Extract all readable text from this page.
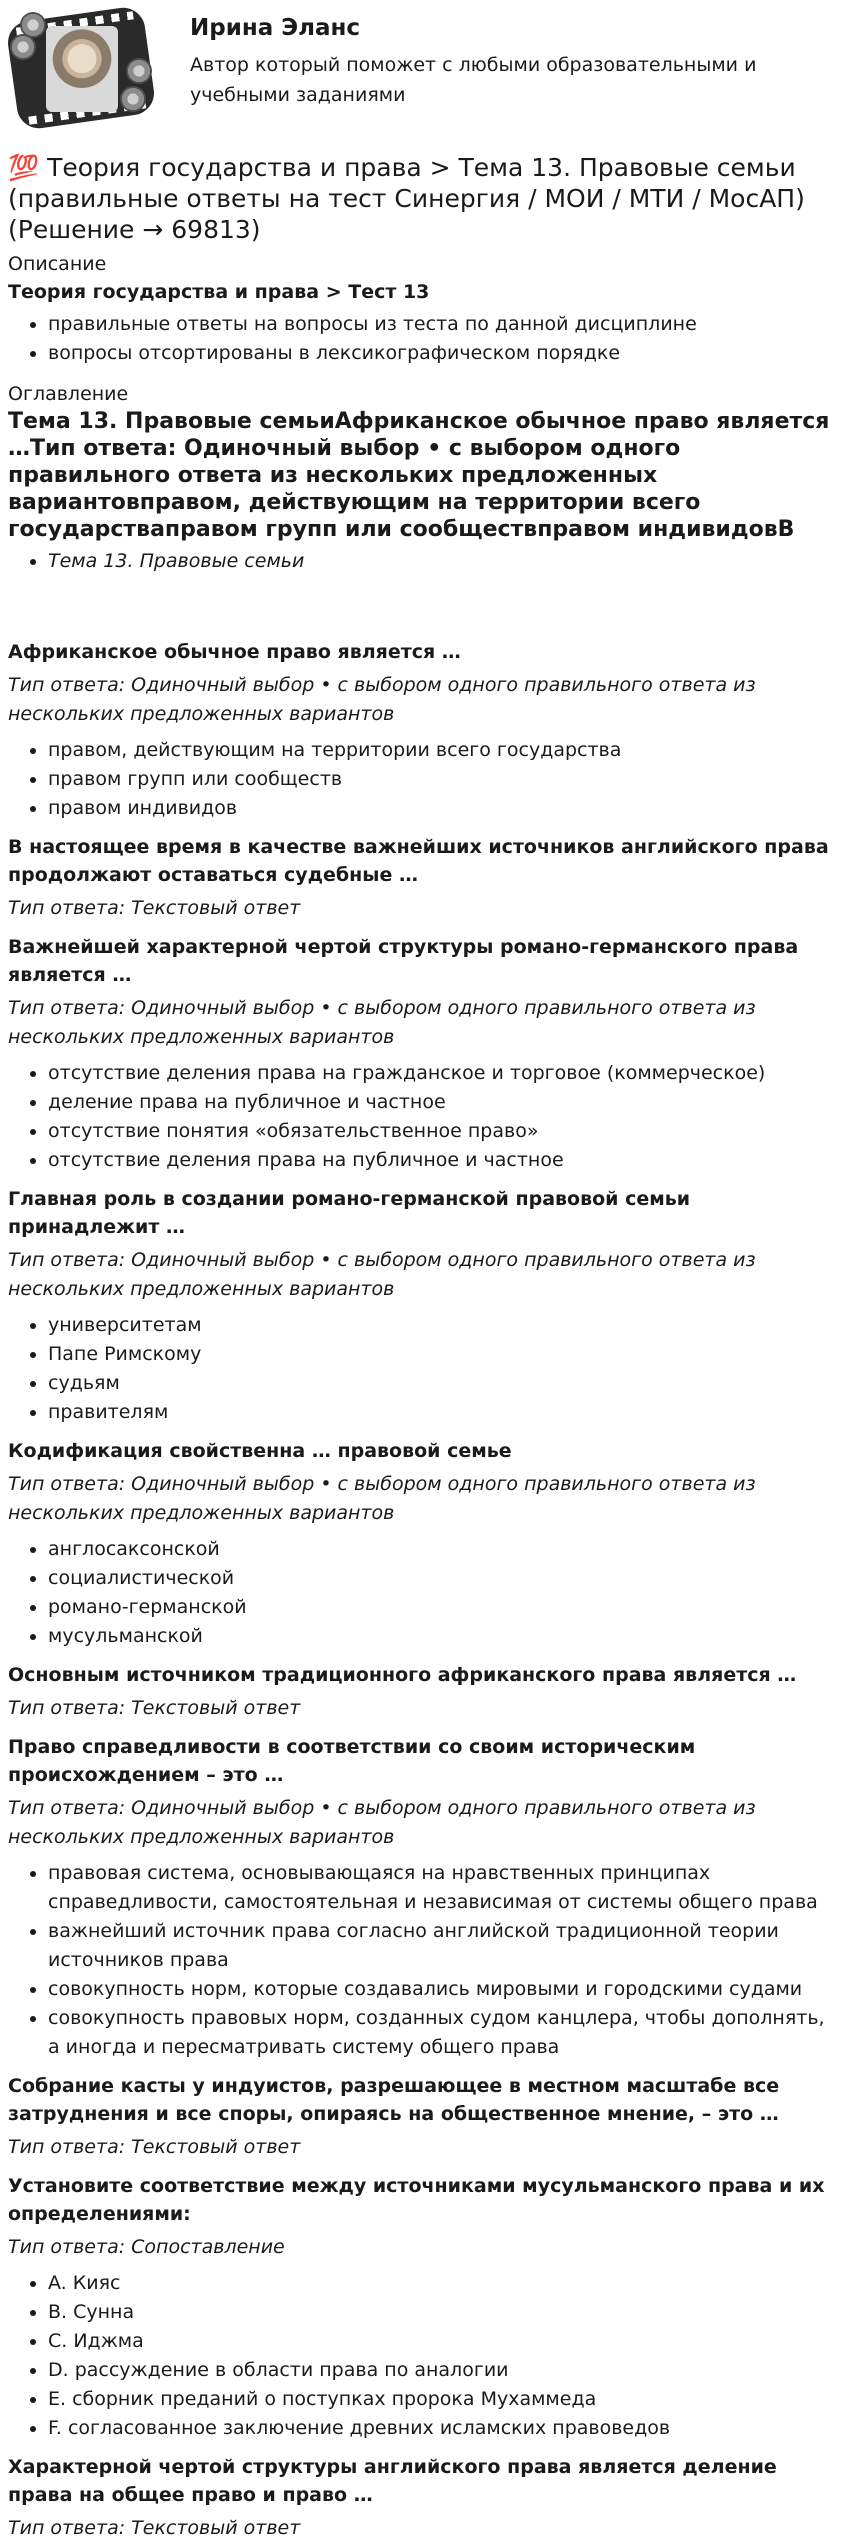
Ирина Эланс
Автор который поможет с любыми образовательными и учебными заданиями
💯 Теория государства и права > Тема 13. Правовые семьи (правильные ответы на тест Синергия / МОИ / МТИ / МосАП) (Решение → 69813)
Описание
Теория государства и права > Тест 13
• правильные ответы на вопросы из теста по данной дисциплине
• вопросы отсортированы в лексикографическом порядке
Оглавление
Тема 13. Правовые семьиАфриканское обычное право является …Тип ответа: Одиночный выбор • с выбором одного правильного ответа из нескольких предложенных вариантовправом, действующим на территории всего государстваправом групп или сообществправом индивидовВ
• Тема 13. Правовые семьи
Африканское обычное право является …
Тип ответа: Одиночный выбор • с выбором одного правильного ответа из нескольких предложенных вариантов
• правом, действующим на территории всего государства
• правом групп или сообществ
• правом индивидов
В настоящее время в качестве важнейших источников английского права продолжают оставаться судебные …
Тип ответа: Текстовый ответ
Важнейшей характерной чертой структуры романо-германского права является …
Тип ответа: Одиночный выбор • с выбором одного правильного ответа из нескольких предложенных вариантов
• отсутствие деления права на гражданское и торговое (коммерческое)
• деление права на публичное и частное
• отсутствие понятия «обязательственное право»
• отсутствие деления права на публичное и частное
Главная роль в создании романо-германской правовой семьи принадлежит …
Тип ответа: Одиночный выбор • с выбором одного правильного ответа из нескольких предложенных вариантов
• университетам
• Папе Римскому
• судьям
• правителям
Кодификация свойственна … правовой семье
Тип ответа: Одиночный выбор • с выбором одного правильного ответа из нескольких предложенных вариантов
• англосаксонской
• социалистической
• романо-германской
• мусульманской
Основным источником традиционного африканского права является …
Тип ответа: Текстовый ответ
Право справедливости в соответствии со своим историческим происхождением – это …
Тип ответа: Одиночный выбор • с выбором одного правильного ответа из нескольких предложенных вариантов
• правовая система, основывающаяся на нравственных принципах справедливости, самостоятельная и независимая от системы общего права
• важнейший источник права согласно английской традиционной теории источников права
• совокупность норм, которые создавались мировыми и городскими судами
• совокупность правовых норм, созданных судом канцлера, чтобы дополнять, а иногда и пересматривать систему общего права
Собрание касты у индуистов, разрешающее в местном масштабе все затруднения и все споры, опираясь на общественное мнение, – это …
Тип ответа: Текстовый ответ
Установите соответствие между источниками мусульманского права и их определениями:
Тип ответа: Сопоставление
• A. Кияс
• B. Сунна
• C. Иджма
• D. рассуждение в области права по аналогии
• E. сборник преданий о поступках пророка Мухаммеда
• F. согласованное заключение древних исламских правоведов
Характерной чертой структуры английского права является деление права на общее право и право …
Тип ответа: Текстовый ответ
